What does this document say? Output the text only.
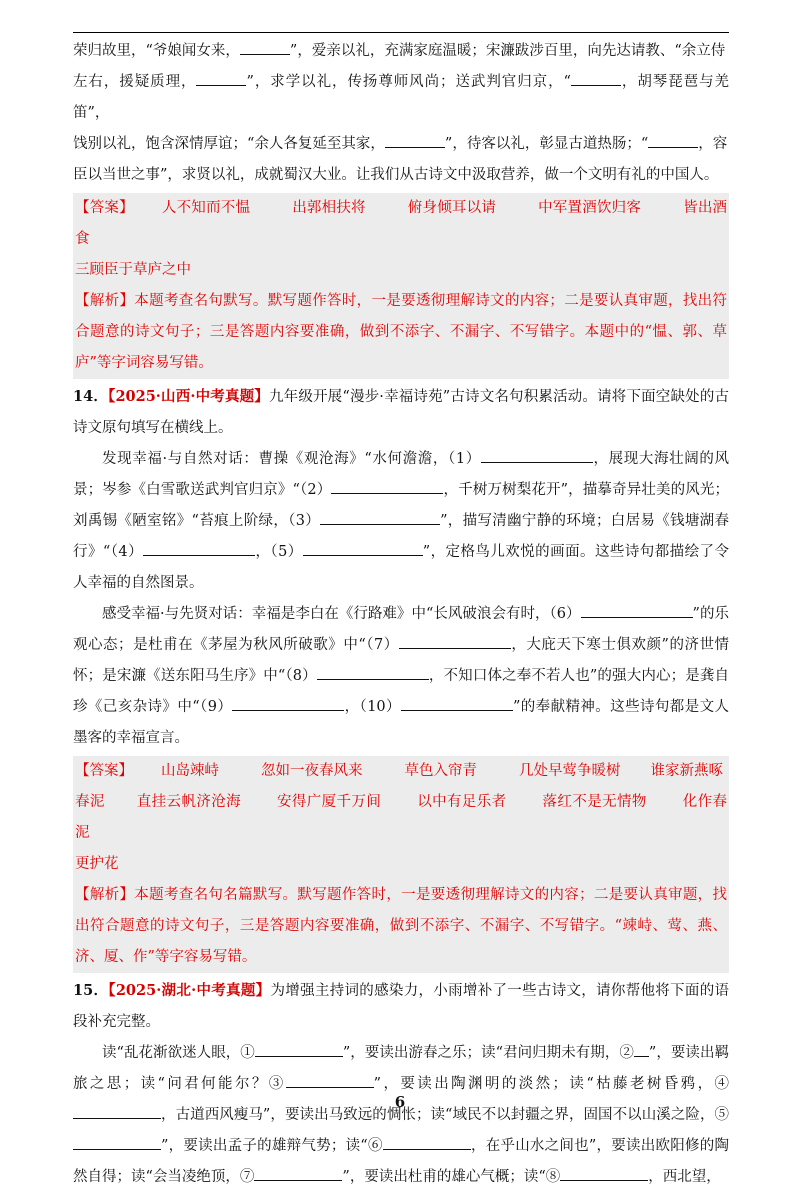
荣归故里，“爷娘闻女来，	”，爱亲以礼，充满家庭温暖；宋濂跋涉百里，向先达请教、“余立侍

左右，援疑质理，	”，求学以礼，传扬尊师风尚；送武判官归京，“	，胡琴琵琶与羌笛”，

饯别以礼，饱含深情厚谊；“余人各复延至其家，	”，待客以礼，彰显古道热肠；“	，容

臣以当世之事”，求贤以礼，成就蜀汉大业。让我们从古诗文中汲取营养，做一个文明有礼的中国人。

【答案】 人不知而不愠	出郭相扶将	俯身倾耳以请	中军置酒饮归客	皆出酒食

三顾臣于草庐之中

【解析】本题考查名句默写。默写题作答时，一是要透彻理解诗文的内容；二是要认真审题，找出符合题意的诗文句子；三是答题内容要准确，做到不添字、不漏字、不写错字。本题中的“愠、郭、草庐”等字词容易写错。

14．【2025·山西·中考真题】九年级开展“漫步·幸福诗苑”古诗文名句积累活动。请将下面空缺处的古诗文原句填写在横线上。

发现幸福·与自然对话：曹操《观沧海》“水何澹澹，（1）	，展现大海壮阔的风景；岑参《白雪歌送武判官归京》“（2）	，千树万树梨花开”，描摹奇异壮美的风光；刘禹锡《陋室铭》“苔痕上阶绿，（3）	”，描写清幽宁静的环境；白居易《钱塘湖春行》“（4）	，（5）	”，定格鸟儿欢悦的画面。这些诗句都描绘了令人幸福的自然图景。

感受幸福·与先贤对话：幸福是李白在《行路难》中“长风破浪会有时，（6）	”的乐观心态；是杜甫在《茅屋为秋风所破歌》中“（7）	，大庇天下寒士俱欢颜”的济世情怀；是宋濂《送东阳马生序》中“（8）	，不知口体之奉不若人也”的强大内心；是龚自珍《己亥杂诗》中“（9）	，（10）	”的奉献精神。这些诗句都是文人墨客的幸福宣言。

【答案】 山岛竦峙	忽如一夜春风来	草色入帘青	几处早莺争暖树 谁家新燕啄

春泥 直挂云帆济沧海 安得广厦千万间 以中有足乐者 落红不是无情物 化作春泥

更护花

【解析】本题考查名句名篇默写。默写题作答时，一是要透彻理解诗文的内容；二是要认真审题，找出符合题意的诗文句子，三是答题内容要准确，做到不添字、不漏字、不写错字。“竦峙、莺、燕、济、厦、作”等字容易写错。

15．【2025·湖北·中考真题】为增强主持词的感染力，小雨增补了一些古诗文，请你帮他将下面的语段补充完整。

读“乱花渐欲迷人眼，①	”，要读出游春之乐；读“君问归期未有期，② ”，要读出羁旅之思；读“问君何能尔？③	”，要读出陶渊明的淡然；读“枯藤老树昏鸦，④，古道西风瘦马”，要读出马致远的惆怅；读“域民不以封疆之界，固国不以山溪之险，⑤”，要读出孟子的雄辩气势；读“⑥	，在乎山水之间也”，要读出欧阳修的陶然自得；读“会当凌绝顶，⑦	”，要读出杜甫的雄心气概；读“⑧	，西北望，

6
